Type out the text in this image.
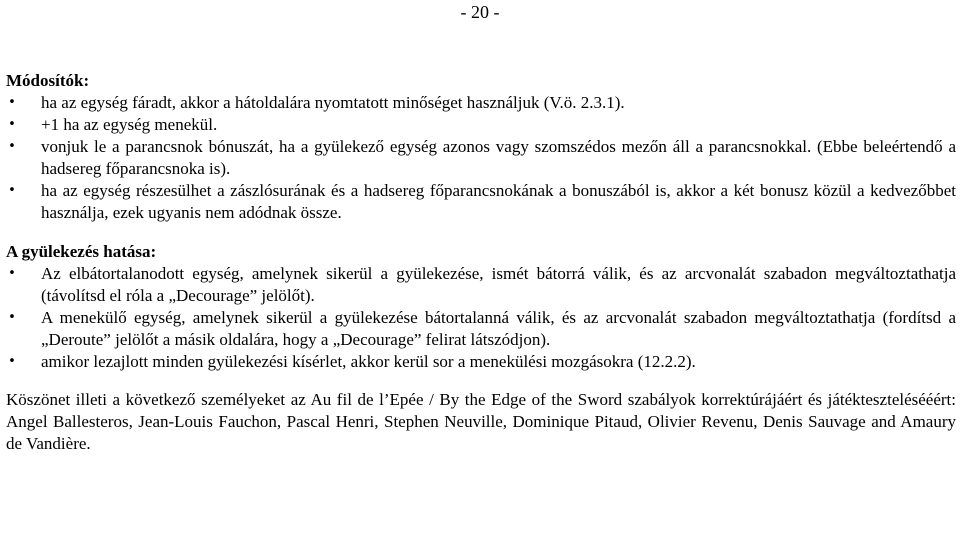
- 20 -

Módosítók:

• ha az egység fáradt, akkor a hátoldalára nyomtatott minőséget használjuk (V.ö. 2.3.1).
• +1 ha az egység menekül.
• vonjuk le a parancsnok bónuszát, ha a gyülekező egység azonos vagy szomszédos mezőn áll a parancsnokkal. (Ebbe beleértendő a hadsereg főparancsnoka is).
• ha az egység részesülhet a zászlósurának és a hadsereg főparancsnokának a bonuszából is, akkor a két bonusz közül a kedvezőbbet használja, ezek ugyanis nem adódnak össze.

A gyülekezés hatása:

• Az elbátortalanodott egység, amelynek sikerül a gyülekezése, ismét bátorrá válik, és az arcvonalát szabadon megváltoztathatja (távolítsd el róla a „Decourage” jelölőt).
• A menekülő egység, amelynek sikerül a gyülekezése bátortalanná válik, és az arcvonalát szabadon megváltoztathatja (fordítsd a „Deroute” jelölőt a másik oldalára, hogy a „Decourage” felirat látszódjon).
• amikor lezajlott minden gyülekezési kísérlet, akkor kerül sor a menekülési mozgásokra (12.2.2).

Köszönet illeti a következő személyeket az Au fil de l’Epée / By the Edge of the Sword szabályok korrektúrájáért és játéktesztelésééért: Angel Ballesteros, Jean-Louis Fauchon, Pascal Henri, Stephen Neuville, Dominique Pitaud, Olivier Revenu, Denis Sauvage and Amaury de Vandière.
